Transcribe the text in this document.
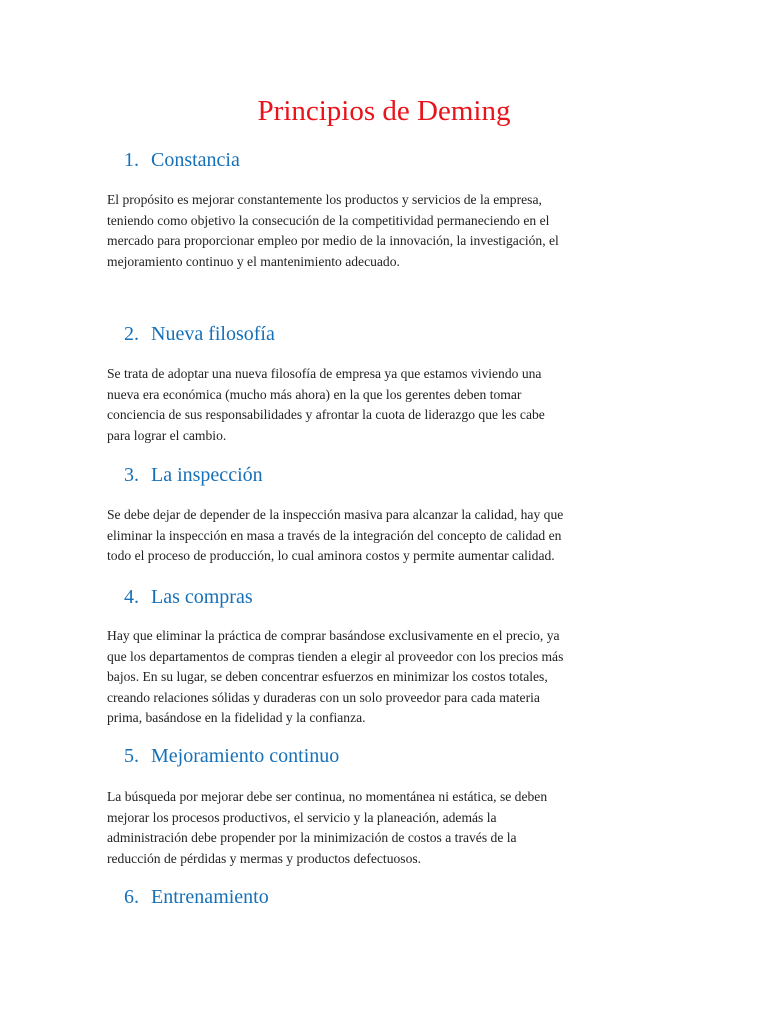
Principios de Deming
1. Constancia

El propósito es mejorar constantemente los productos y servicios de la empresa,
teniendo como objetivo la consecución de la competitividad permaneciendo en el
mercado para proporcionar empleo por medio de la innovación, la investigación, el
mejoramiento continuo y el mantenimiento adecuado.

2. Nueva filosofía

Se trata de adoptar una nueva filosofía de empresa ya que estamos viviendo una
nueva era económica (mucho más ahora) en la que los gerentes deben tomar
conciencia de sus responsabilidades y afrontar la cuota de liderazgo que les cabe
para lograr el cambio.

3. La inspección

Se debe dejar de depender de la inspección masiva para alcanzar la calidad, hay que
eliminar la inspección en masa a través de la integración del concepto de calidad en
todo el proceso de producción, lo cual aminora costos y permite aumentar calidad.

4. Las compras

Hay que eliminar la práctica de comprar basándose exclusivamente en el precio, ya
que los departamentos de compras tienden a elegir al proveedor con los precios más
bajos. En su lugar, se deben concentrar esfuerzos en minimizar los costos totales,
creando relaciones sólidas y duraderas con un solo proveedor para cada materia
prima, basándose en la fidelidad y la confianza.

5. Mejoramiento continuo

La búsqueda por mejorar debe ser continua, no momentánea ni estática, se deben
mejorar los procesos productivos, el servicio y la planeación, además la
administración debe propender por la minimización de costos a través de la
reducción de pérdidas y mermas y productos defectuosos.

6. Entrenamiento
